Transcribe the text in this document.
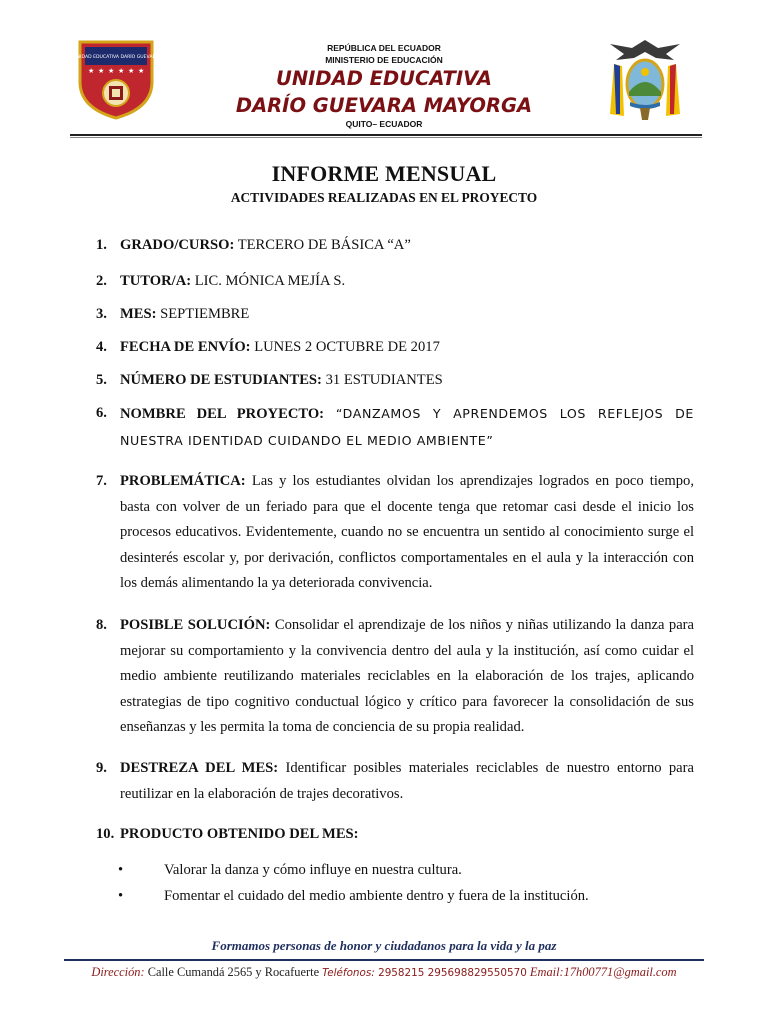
UNIDAD EDUCATIVA DARÍO GUEVARA
★ ★ ★ ★ ★ ★
REPÚBLICA DEL ECUADOR
MINISTERIO DE EDUCACIÓN
UNIDAD EDUCATIVA
DARÍO GUEVARA MAYORGA
QUITO– ECUADOR
INFORME MENSUAL
ACTIVIDADES REALIZADAS EN EL PROYECTO
1. GRADO/CURSO: TERCERO DE BÁSICA “A”
2. TUTOR/A: LIC. MÓNICA MEJÍA S.
3. MES: SEPTIEMBRE
4. FECHA DE ENVÍO: LUNES 2 OCTUBRE DE 2017
5. NÚMERO DE ESTUDIANTES: 31 ESTUDIANTES
6. NOMBRE DEL PROYECTO: “DANZAMOS Y APRENDEMOS LOS REFLEJOS DE NUESTRA IDENTIDAD CUIDANDO EL MEDIO AMBIENTE”
7. PROBLEMÁTICA: Las y los estudiantes olvidan los aprendizajes logrados en poco tiempo, basta con volver de un feriado para que el docente tenga que retomar casi desde el inicio los procesos educativos. Evidentemente, cuando no se encuentra un sentido al conocimiento surge el desinterés escolar y, por derivación, conflictos comportamentales en el aula y la interacción con los demás alimentando la ya deteriorada convivencia.
8. POSIBLE SOLUCIÓN: Consolidar el aprendizaje de los niños y niñas utilizando la danza para mejorar su comportamiento y la convivencia dentro del aula y la institución, así como cuidar el medio ambiente reutilizando materiales reciclables en la elaboración de los trajes, aplicando estrategias de tipo cognitivo conductual lógico y crítico para favorecer la consolidación de sus enseñanzas y les permita la toma de conciencia de su propia realidad.
9. DESTREZA DEL MES: Identificar posibles materiales reciclables de nuestro entorno para reutilizar en la elaboración de trajes decorativos.
10. PRODUCTO OBTENIDO DEL MES:
•	Valorar la danza y cómo influye en nuestra cultura.
•	Fomentar el cuidado del medio ambiente dentro y fuera de la institución.
Formamos personas de honor y ciudadanos para la vida y la paz
Dirección: Calle Cumandá 2565 y Rocafuerte Teléfonos: 2958215 295698829550570 Email:17h00771@gmail.com
